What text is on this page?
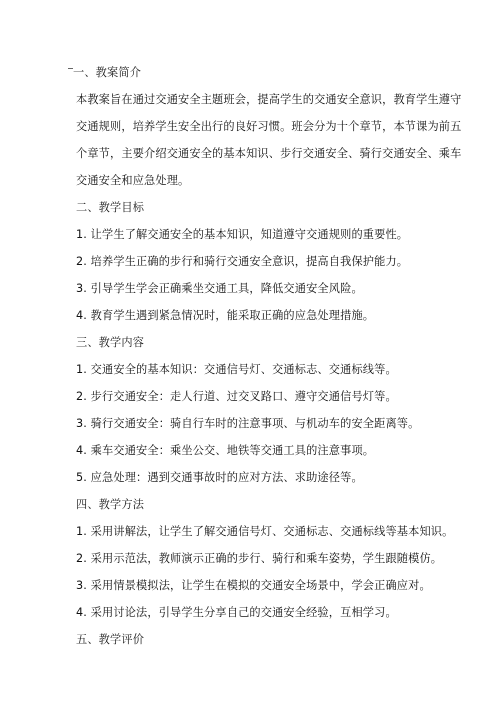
一、教案简介
本教案旨在通过交通安全主题班会，提高学生的交通安全意识，教育学生遵守
交通规则，培养学生安全出行的良好习惯。班会分为十个章节，本节课为前五
个章节，主要介绍交通安全的基本知识、步行交通安全、骑行交通安全、乘车
交通安全和应急处理。
二、教学目标
1. 让学生了解交通安全的基本知识，知道遵守交通规则的重要性。
2. 培养学生正确的步行和骑行交通安全意识，提高自我保护能力。
3. 引导学生学会正确乘坐交通工具，降低交通安全风险。
4. 教育学生遇到紧急情况时，能采取正确的应急处理措施。
三、教学内容
1. 交通安全的基本知识：交通信号灯、交通标志、交通标线等。
2. 步行交通安全：走人行道、过交叉路口、遵守交通信号灯等。
3. 骑行交通安全：骑自行车时的注意事项、与机动车的安全距离等。
4. 乘车交通安全：乘坐公交、地铁等交通工具的注意事项。
5. 应急处理：遇到交通事故时的应对方法、求助途径等。
四、教学方法
1. 采用讲解法，让学生了解交通信号灯、交通标志、交通标线等基本知识。
2. 采用示范法，教师演示正确的步行、骑行和乘车姿势，学生跟随模仿。
3. 采用情景模拟法，让学生在模拟的交通安全场景中，学会正确应对。
4. 采用讨论法，引导学生分享自己的交通安全经验，互相学习。
五、教学评价
